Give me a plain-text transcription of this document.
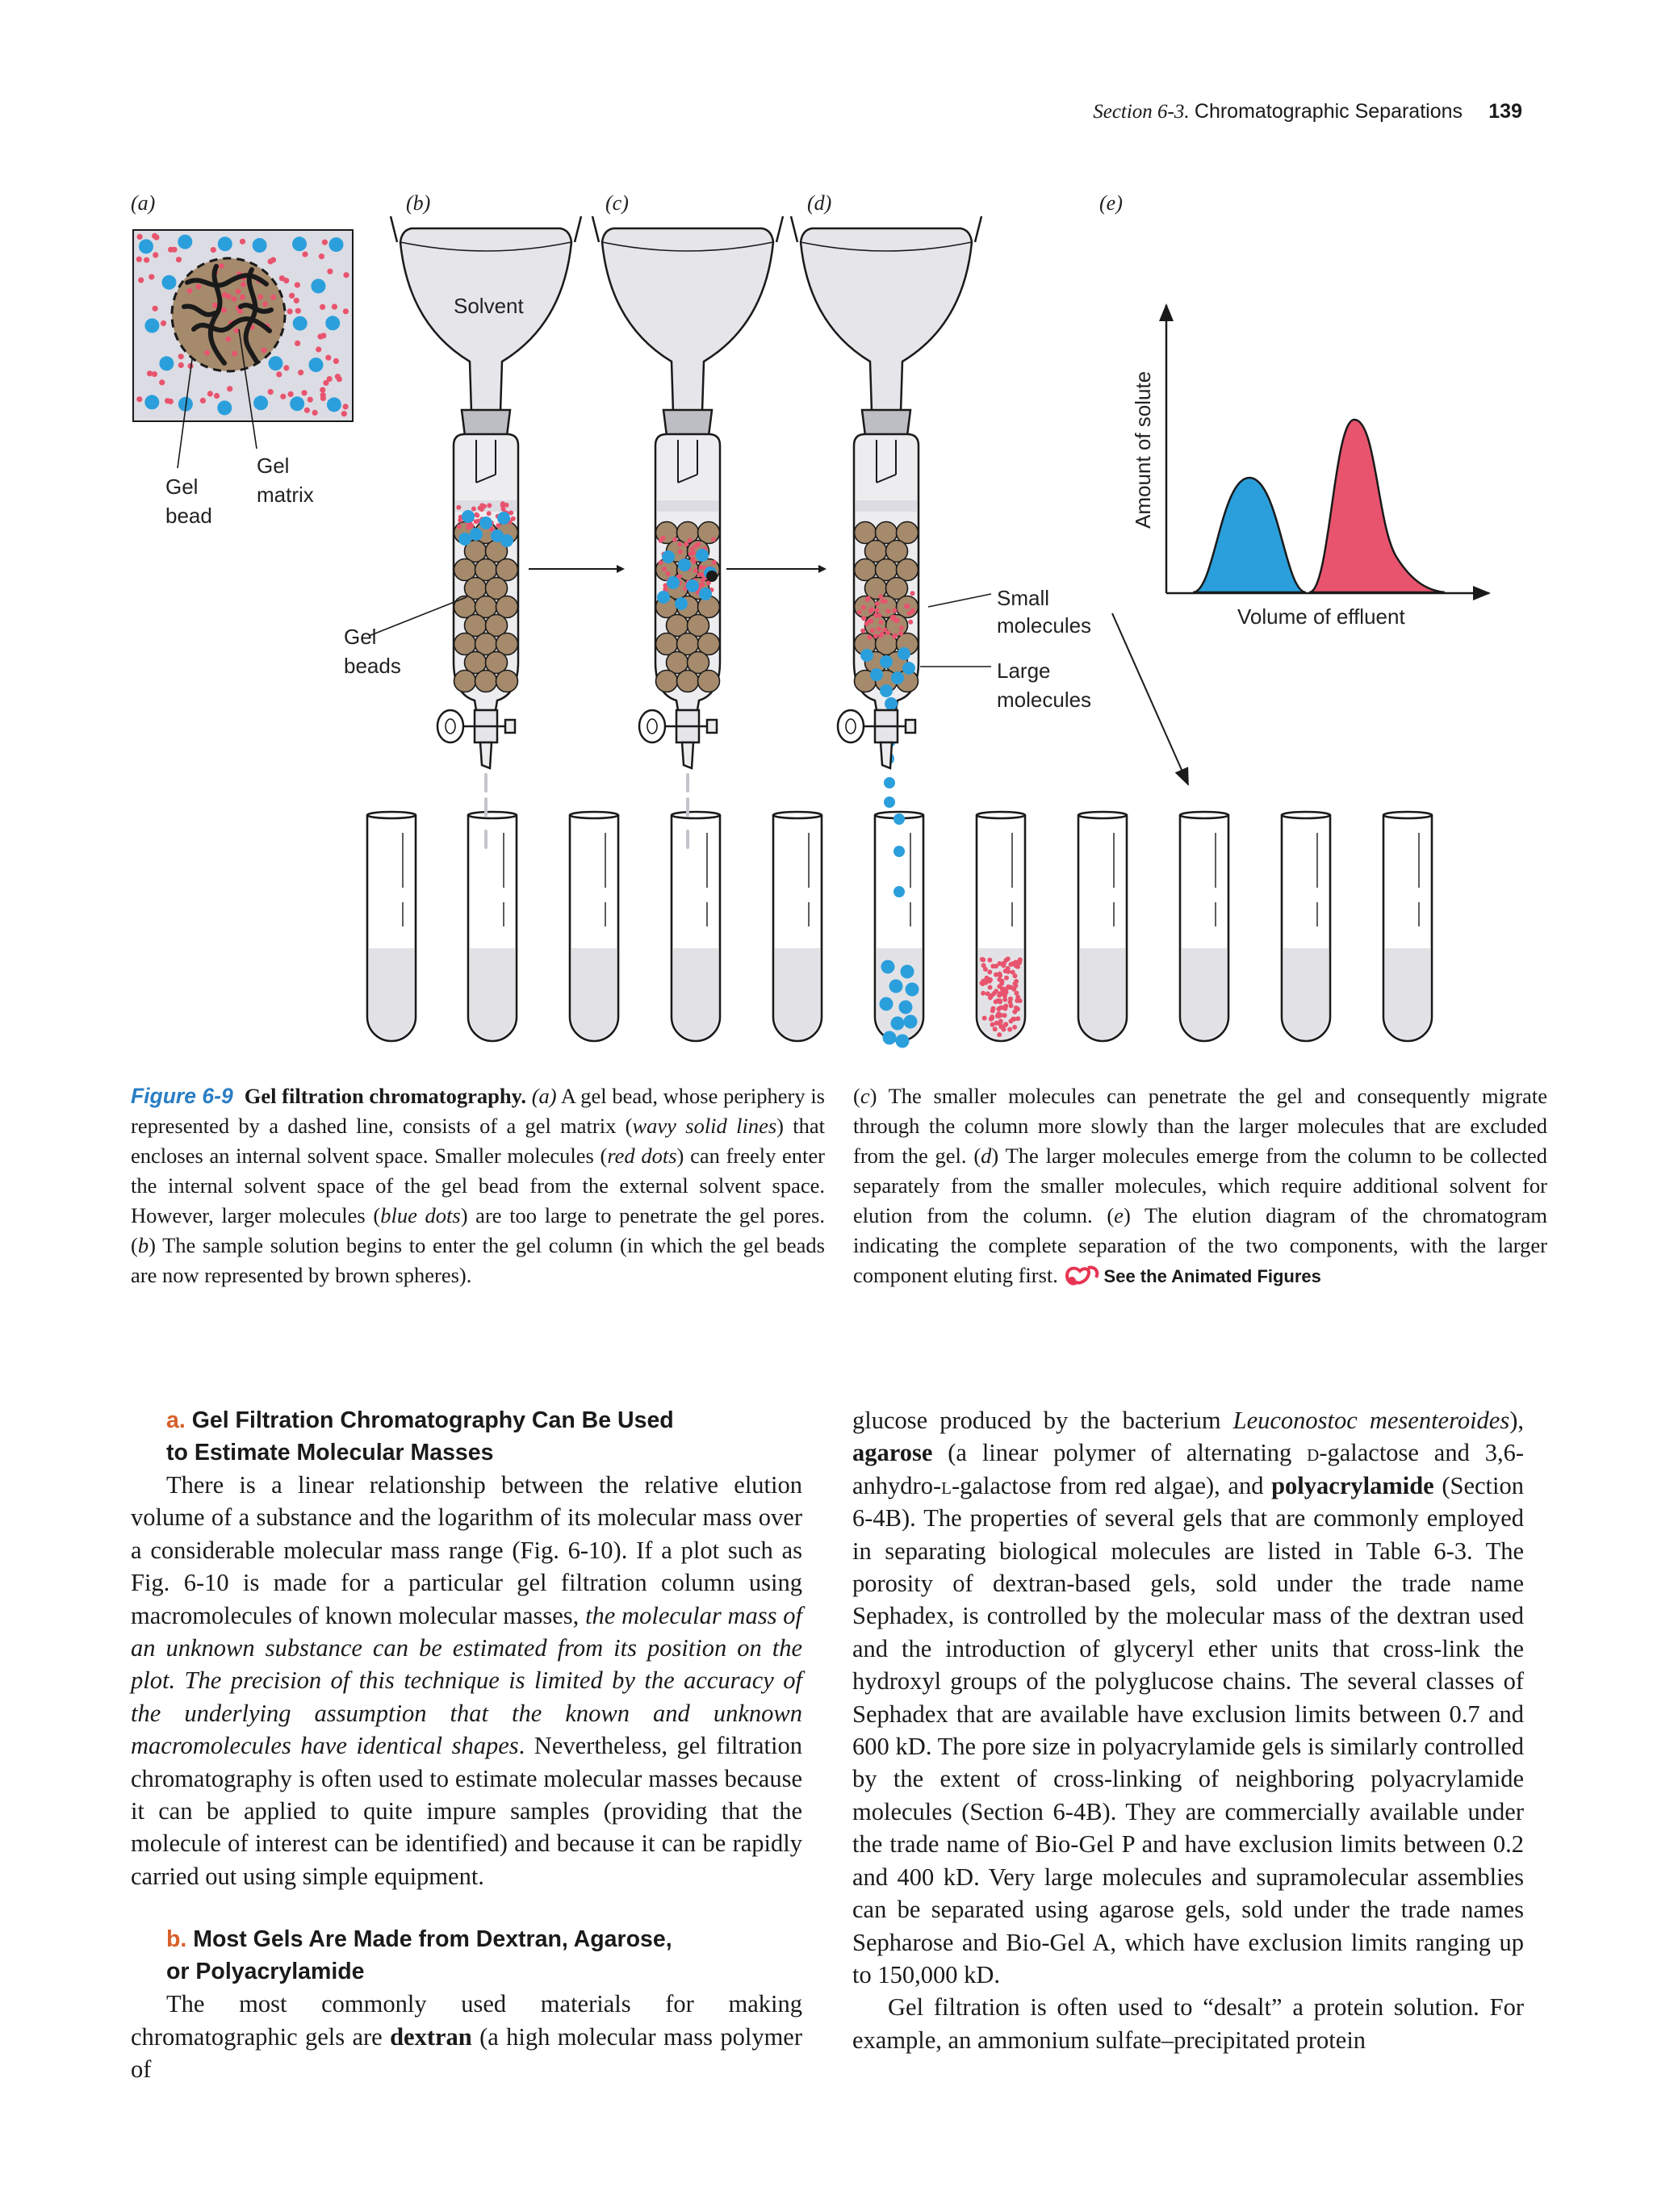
Section 6-3. Chromatographic Separations 139
(a)	(b)	(c)	(d)	(e)
Gel bead
Gel matrix
Solvent
Gel beads
Small molecules
Large molecules
Amount of solute
Volume of effluent
Figure 6-9 Gel filtration chromatography. (a) A gel bead, whose periphery is represented by a dashed line, consists of a gel matrix (wavy solid lines) that encloses an internal solvent space. Smaller molecules (red dots) can freely enter the internal solvent space of the gel bead from the external solvent space. However, larger molecules (blue dots) are too large to penetrate the gel pores. (b) The sample solution begins to enter the gel column (in which the gel beads are now represented by brown spheres).
(c) The smaller molecules can penetrate the gel and consequently migrate through the column more slowly than the larger molecules that are excluded from the gel. (d) The larger molecules emerge from the column to be collected separately from the smaller molecules, which require additional solvent for elution from the column. (e) The elution diagram of the chromatogram indicating the complete separation of the two components, with the larger component eluting first. See the Animated Figures
a. Gel Filtration Chromatography Can Be Used
to Estimate Molecular Masses

There is a linear relationship between the relative elution volume of a substance and the logarithm of its molecular mass over a considerable molecular mass range (Fig. 6-10). If a plot such as Fig. 6-10 is made for a particular gel filtration column using macromolecules of known molecular masses, the molecular mass of an unknown substance can be estimated from its position on the plot. The precision of this technique is limited by the accuracy of the underlying assumption that the known and unknown macromolecules have identical shapes. Nevertheless, gel filtration chromatography is often used to estimate molecular masses because it can be applied to quite impure samples (providing that the molecule of interest can be identified) and because it can be rapidly carried out using simple equipment.

b. Most Gels Are Made from Dextran, Agarose,
or Polyacrylamide

The most commonly used materials for making chromatographic gels are dextran (a high molecular mass polymer of

glucose produced by the bacterium Leuconostoc mesenteroides), agarose (a linear polymer of alternating d-galactose and 3,6-anhydro-l-galactose from red algae), and polyacrylamide (Section 6-4B). The properties of several gels that are commonly employed in separating biological molecules are listed in Table 6-3. The porosity of dextran-based gels, sold under the trade name Sephadex, is controlled by the molecular mass of the dextran used and the introduction of glyceryl ether units that cross-link the hydroxyl groups of the polyglucose chains. The several classes of Sephadex that are available have exclusion limits between 0.7 and 600 kD. The pore size in polyacrylamide gels is similarly controlled by the extent of cross-linking of neighboring polyacrylamide molecules (Section 6-4B). They are commercially available under the trade name of Bio-Gel P and have exclusion limits between 0.2 and 400 kD. Very large molecules and supramolecular assemblies can be separated using agarose gels, sold under the trade names Sepharose and Bio-Gel A, which have exclusion limits ranging up to 150,000 kD.

Gel filtration is often used to “desalt” a protein solution. For example, an ammonium sulfate–precipitated protein
